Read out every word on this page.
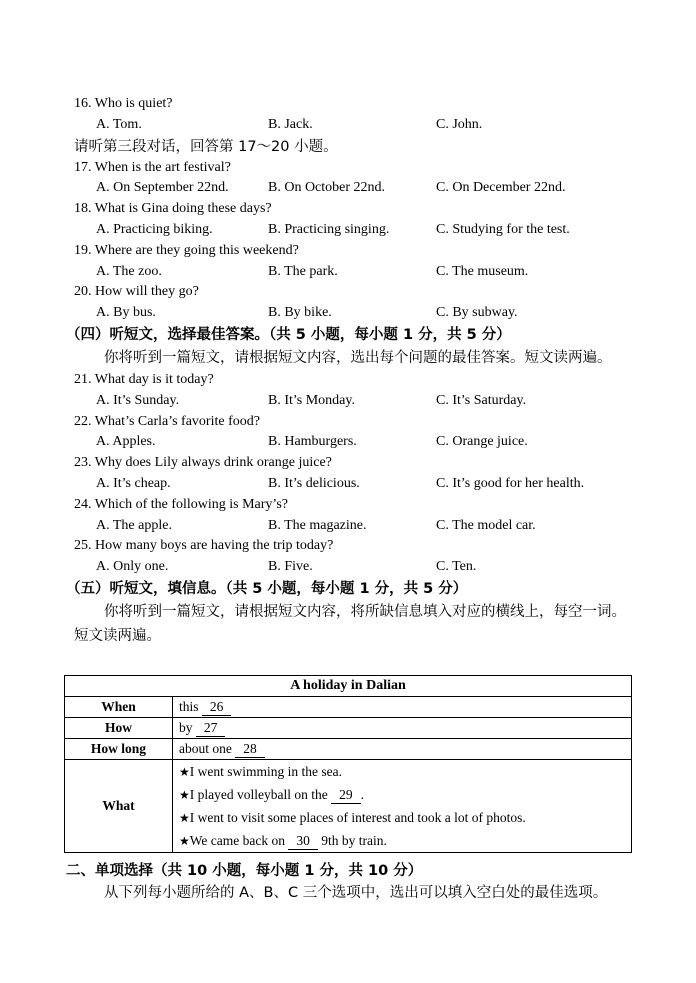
16. Who is quiet?
A. Tom.	B. Jack.	C. John.
请听第三段对话，回答第 17～20 小题。
17. When is the art festival?
A. On September 22nd.	B. On October 22nd.	C. On December 22nd.
18. What is Gina doing these days?
A. Practicing biking.	B. Practicing singing.	C. Studying for the test.
19. Where are they going this weekend?
A. The zoo.	B. The park.	C. The museum.
20. How will they go?
A. By bus.	B. By bike.	C. By subway.
（四）听短文，选择最佳答案。（共 5 小题，每小题 1 分，共 5 分）
你将听到一篇短文，请根据短文内容，选出每个问题的最佳答案。短文读两遍。
21. What day is it today?
A. It’s Sunday.	B. It’s Monday.	C. It’s Saturday.
22. What’s Carla’s favorite food?
A. Apples.	B. Hamburgers.	C. Orange juice.
23. Why does Lily always drink orange juice?
A. It’s cheap.	B. It’s delicious.	C. It’s good for her health.
24. Which of the following is Mary’s?
A. The apple.	B. The magazine.	C. The model car.
25. How many boys are having the trip today?
A. Only one.	B. Five.	C. Ten.
（五）听短文，填信息。（共 5 小题，每小题 1 分，共 5 分）
你将听到一篇短文，请根据短文内容，将所缺信息填入对应的横线上，每空一词。短文读两遍。
A holiday in Dalian	
When	this 26
How	by 27
How long	about one 28
What	★I went swimming in the sea.
★I played volleyball on the 29 .
★I went to visit some places of interest and took a lot of photos.
★We came back on 30 9th by train.
二、单项选择（共 10 小题，每小题 1 分，共 10 分）
从下列每小题所给的 A、B、C 三个选项中，选出可以填入空白处的最佳选项。
